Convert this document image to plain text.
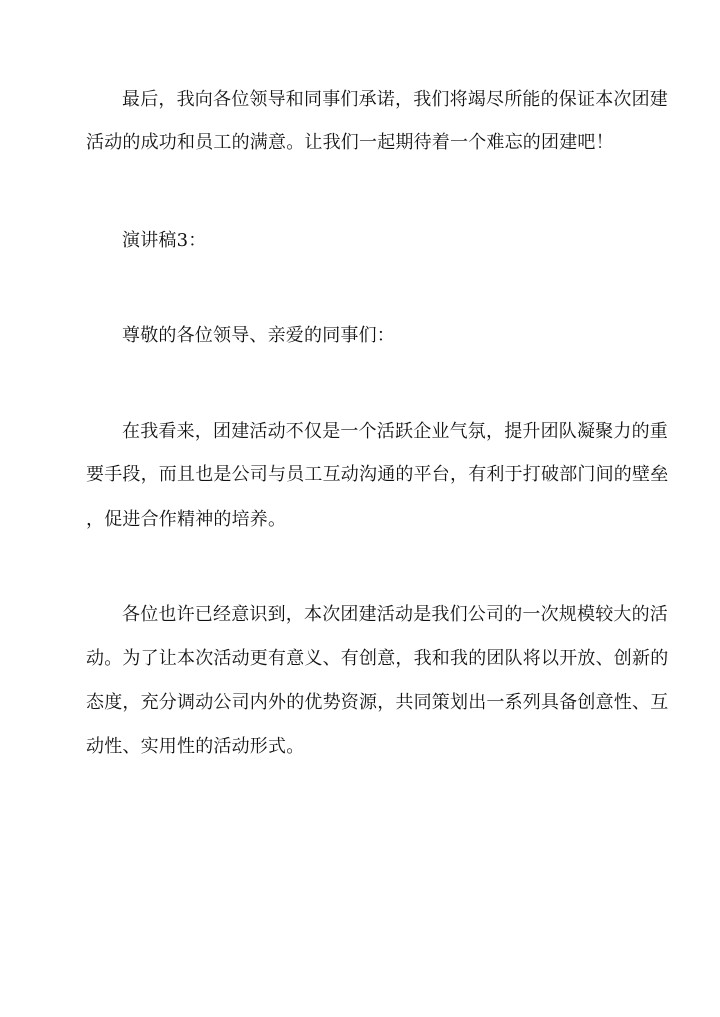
最后，我向各位领导和同事们承诺，我们将竭尽所能的保证本次团建
活动的成功和员工的满意。让我们一起期待着一个难忘的团建吧！
演讲稿3：
尊敬的各位领导、亲爱的同事们：
在我看来，团建活动不仅是一个活跃企业气氛，提升团队凝聚力的重
要手段，而且也是公司与员工互动沟通的平台，有利于打破部门间的壁垒
，促进合作精神的培养。
各位也许已经意识到，本次团建活动是我们公司的一次规模较大的活
动。为了让本次活动更有意义、有创意，我和我的团队将以开放、创新的
态度，充分调动公司内外的优势资源，共同策划出一系列具备创意性、互
动性、实用性的活动形式。
